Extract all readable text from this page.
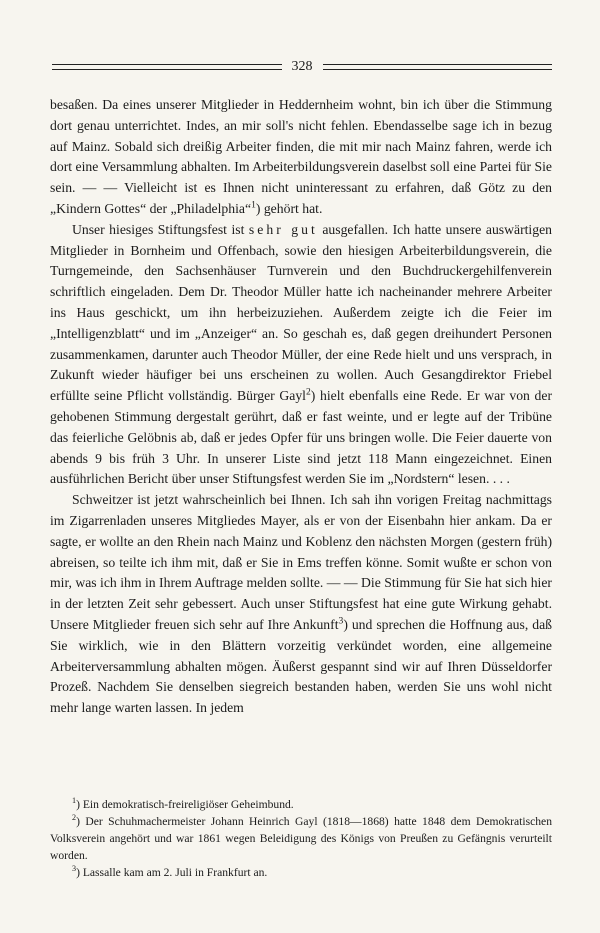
328

besaßen. Da eines unserer Mitglieder in Heddernheim wohnt, bin ich über die Stimmung dort genau unterrichtet. Indes, an mir soll's nicht fehlen. Ebendasselbe sage ich in bezug auf Mainz. Sobald sich dreißig Arbeiter finden, die mit mir nach Mainz fahren, werde ich dort eine Versammlung abhalten. Im Arbeiterbildungsverein daselbst soll eine Partei für Sie sein. — — Vielleicht ist es Ihnen nicht uninteressant zu erfahren, daß Götz zu den „Kindern Gottes“ der „Philadelphia“$^1$) gehört hat.

Unser hiesiges Stiftungsfest ist sehr gut ausgefallen. Ich hatte unsere auswärtigen Mitglieder in Bornheim und Offenbach, sowie den hiesigen Arbeiterbildungsverein, die Turngemeinde, den Sachsenhäuser Turnverein und den Buchdruckergehilfenverein schriftlich eingeladen. Dem Dr. Theodor Müller hatte ich nacheinander mehrere Arbeiter ins Haus geschickt, um ihn herbeizuziehen. Außerdem zeigte ich die Feier im „Intelligenzblatt“ und im „Anzeiger“ an. So geschah es, daß gegen dreihundert Personen zusammenkamen, darunter auch Theodor Müller, der eine Rede hielt und uns versprach, in Zukunft wieder häufiger bei uns erscheinen zu wollen. Auch Gesangdirektor Friebel erfüllte seine Pflicht vollständig. Bürger Gayl$^2$) hielt ebenfalls eine Rede. Er war von der gehobenen Stimmung dergestalt gerührt, daß er fast weinte, und er legte auf der Tribüne das feierliche Gelöbnis ab, daß er jedes Opfer für uns bringen wolle. Die Feier dauerte von abends 9 bis früh 3 Uhr. In unserer Liste sind jetzt 118 Mann eingezeichnet. Einen ausführlichen Bericht über unser Stiftungsfest werden Sie im „Nordstern“ lesen. . . .

Schweitzer ist jetzt wahrscheinlich bei Ihnen. Ich sah ihn vorigen Freitag nachmittags im Zigarrenladen unseres Mitgliedes Mayer, als er von der Eisenbahn hier ankam. Da er sagte, er wollte an den Rhein nach Mainz und Koblenz den nächsten Morgen (gestern früh) abreisen, so teilte ich ihm mit, daß er Sie in Ems treffen könne. Somit wußte er schon von mir, was ich ihm in Ihrem Auftrage melden sollte. — — Die Stimmung für Sie hat sich hier in der letzten Zeit sehr gebessert. Auch unser Stiftungsfest hat eine gute Wirkung gehabt. Unsere Mitglieder freuen sich sehr auf Ihre Ankunft$^3$) und sprechen die Hoffnung aus, daß Sie wirklich, wie in den Blättern vorzeitig verkündet worden, eine allgemeine Arbeiterversammlung abhalten mögen. Äußerst gespannt sind wir auf Ihren Düsseldorfer Prozeß. Nachdem Sie denselben siegreich bestanden haben, werden Sie uns wohl nicht mehr lange warten lassen. In jedem

$^1$) Ein demokratisch-freireligiöser Geheimbund.

$^2$) Der Schuhmachermeister Johann Heinrich Gayl (1818—1868) hatte 1848 dem Demokratischen Volksverein angehört und war 1861 wegen Beleidigung des Königs von Preußen zu Gefängnis verurteilt worden.

$^3$) Lassalle kam am 2. Juli in Frankfurt an.
